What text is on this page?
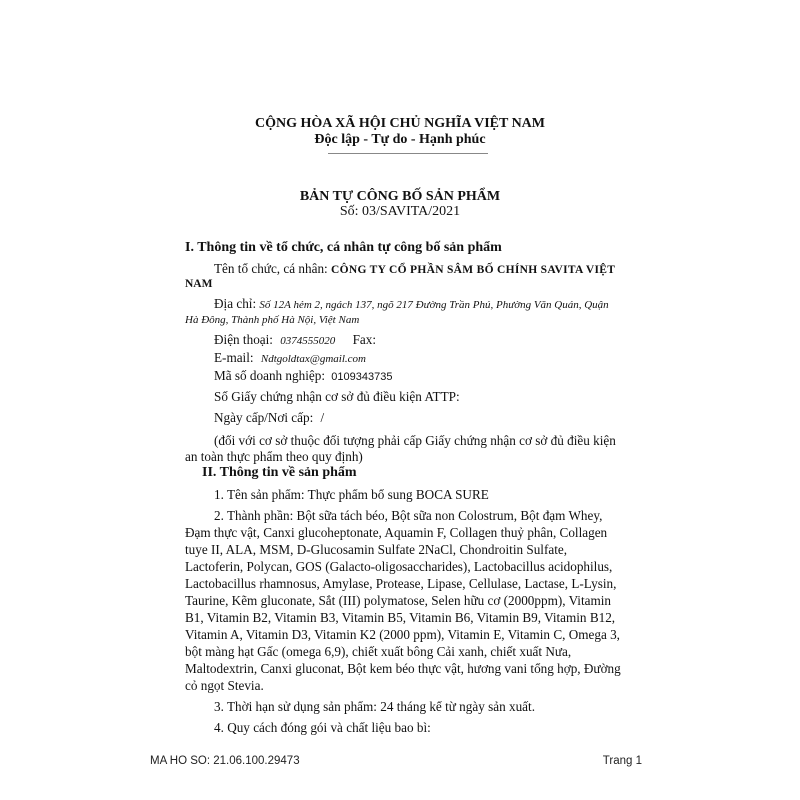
CỘNG HÒA XÃ HỘI CHỦ NGHĨA VIỆT NAM
Độc lập - Tự do - Hạnh phúc
BẢN TỰ CÔNG BỐ SẢN PHẨM
Số: 03/SAVITA/2021
I. Thông tin về tổ chức, cá nhân tự công bố sản phẩm
Tên tổ chức, cá nhân: CÔNG TY CỔ PHẦN SÂM BỐ CHÍNH SAVITA VIỆT
NAM
Địa chỉ: Số 12A hẻm 2, ngách 137, ngõ 217 Đường Trần Phú, Phường Văn Quán, Quận
Hà Đông, Thành phố Hà Nội, Việt Nam
Điện thoại: 0374555020 Fax:
E-mail: Ndtgoldtax@gmail.com
Mã số doanh nghiệp: 0109343735
Số Giấy chứng nhận cơ sở đủ điều kiện ATTP:
Ngày cấp/Nơi cấp: /
(đối với cơ sở thuộc đối tượng phải cấp Giấy chứng nhận cơ sở đủ điều kiện
an toàn thực phẩm theo quy định)
II. Thông tin về sản phẩm
1. Tên sản phẩm: Thực phẩm bổ sung BOCA SURE
2. Thành phần: Bột sữa tách béo, Bột sữa non Colostrum, Bột đạm Whey,
Đạm thực vật, Canxi glucoheptonate, Aquamin F, Collagen thuỷ phân, Collagen
tuye II, ALA, MSM, D-Glucosamin Sulfate 2NaCl, Chondroitin Sulfate,
Lactoferin, Polycan, GOS (Galacto-oligosaccharides), Lactobacillus acidophilus,
Lactobacillus rhamnosus, Amylase, Protease, Lipase, Cellulase, Lactase, L-Lysin,
Taurine, Kẽm gluconate, Sắt (III) polymatose, Selen hữu cơ (2000ppm), Vitamin
B1, Vitamin B2, Vitamin B3, Vitamin B5, Vitamin B6, Vitamin B9, Vitamin B12,
Vitamin A, Vitamin D3, Vitamin K2 (2000 ppm), Vitamin E, Vitamin C, Omega 3,
bột màng hạt Gấc (omega 6,9), chiết xuất bông Cải xanh, chiết xuất Nưa,
Maltodextrin, Canxi gluconat, Bột kem béo thực vật, hương vani tổng hợp, Đường
cỏ ngọt Stevia.
3. Thời hạn sử dụng sản phẩm: 24 tháng kể từ ngày sản xuất.
4. Quy cách đóng gói và chất liệu bao bì:
MA HO SO: 21.06.100.29473	Trang 1
